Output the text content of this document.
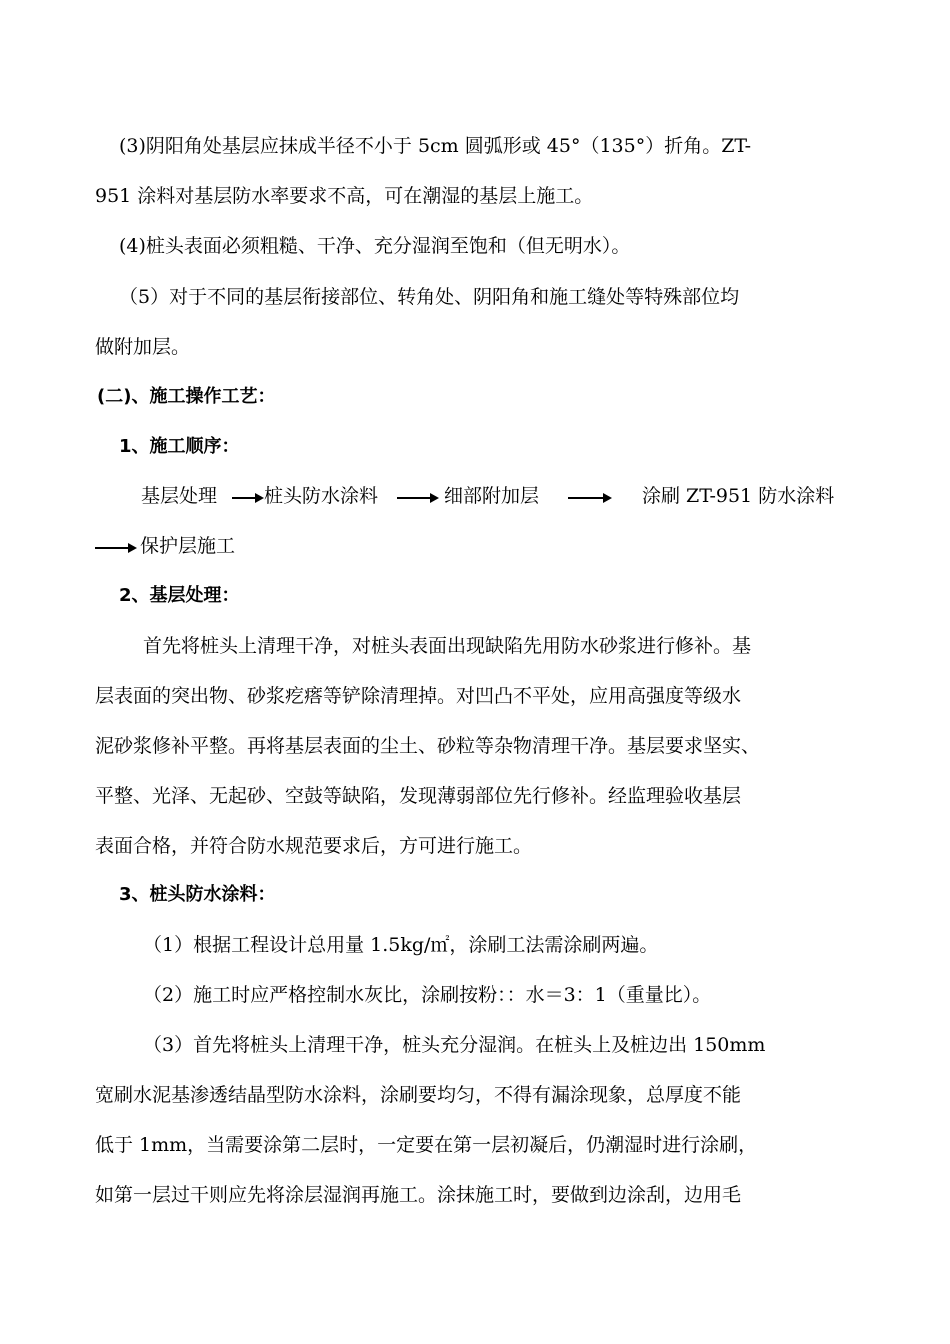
(3)阴阳角处基层应抹成半径不小于 5cm 圆弧形或 45°（135°）折角。ZT-
951 涂料对基层防水率要求不高，可在潮湿的基层上施工。
(4)桩头表面必须粗糙、干净、充分湿润至饱和（但无明水）。
（5）对于不同的基层衔接部位、转角处、阴阳角和施工缝处等特殊部位均
做附加层。
(二)、施工操作工艺：
1、施工顺序：
基层处理 桩头防水涂料	细部附加层	涂刷 ZT-951 防水涂料
保护层施工
2、基层处理：
首先将桩头上清理干净，对桩头表面出现缺陷先用防水砂浆进行修补。基
层表面的突出物、砂浆疙瘩等铲除清理掉。对凹凸不平处，应用高强度等级水
泥砂浆修补平整。再将基层表面的尘土、砂粒等杂物清理干净。基层要求坚实、
平整、光泽、无起砂、空鼓等缺陷，发现薄弱部位先行修补。经监理验收基层
表面合格，并符合防水规范要求后，方可进行施工。
3、桩头防水涂料：
（1）根据工程设计总用量 1.5kg/㎡，涂刷工法需涂刷两遍。
（2）施工时应严格控制水灰比，涂刷按粉：：水＝3：1（重量比）。
（3）首先将桩头上清理干净，桩头充分湿润。在桩头上及桩边出 150mm
宽刷水泥基渗透结晶型防水涂料，涂刷要均匀，不得有漏涂现象，总厚度不能
低于 1mm，当需要涂第二层时，一定要在第一层初凝后，仍潮湿时进行涂刷，
如第一层过干则应先将涂层湿润再施工。涂抹施工时，要做到边涂刮，边用毛
